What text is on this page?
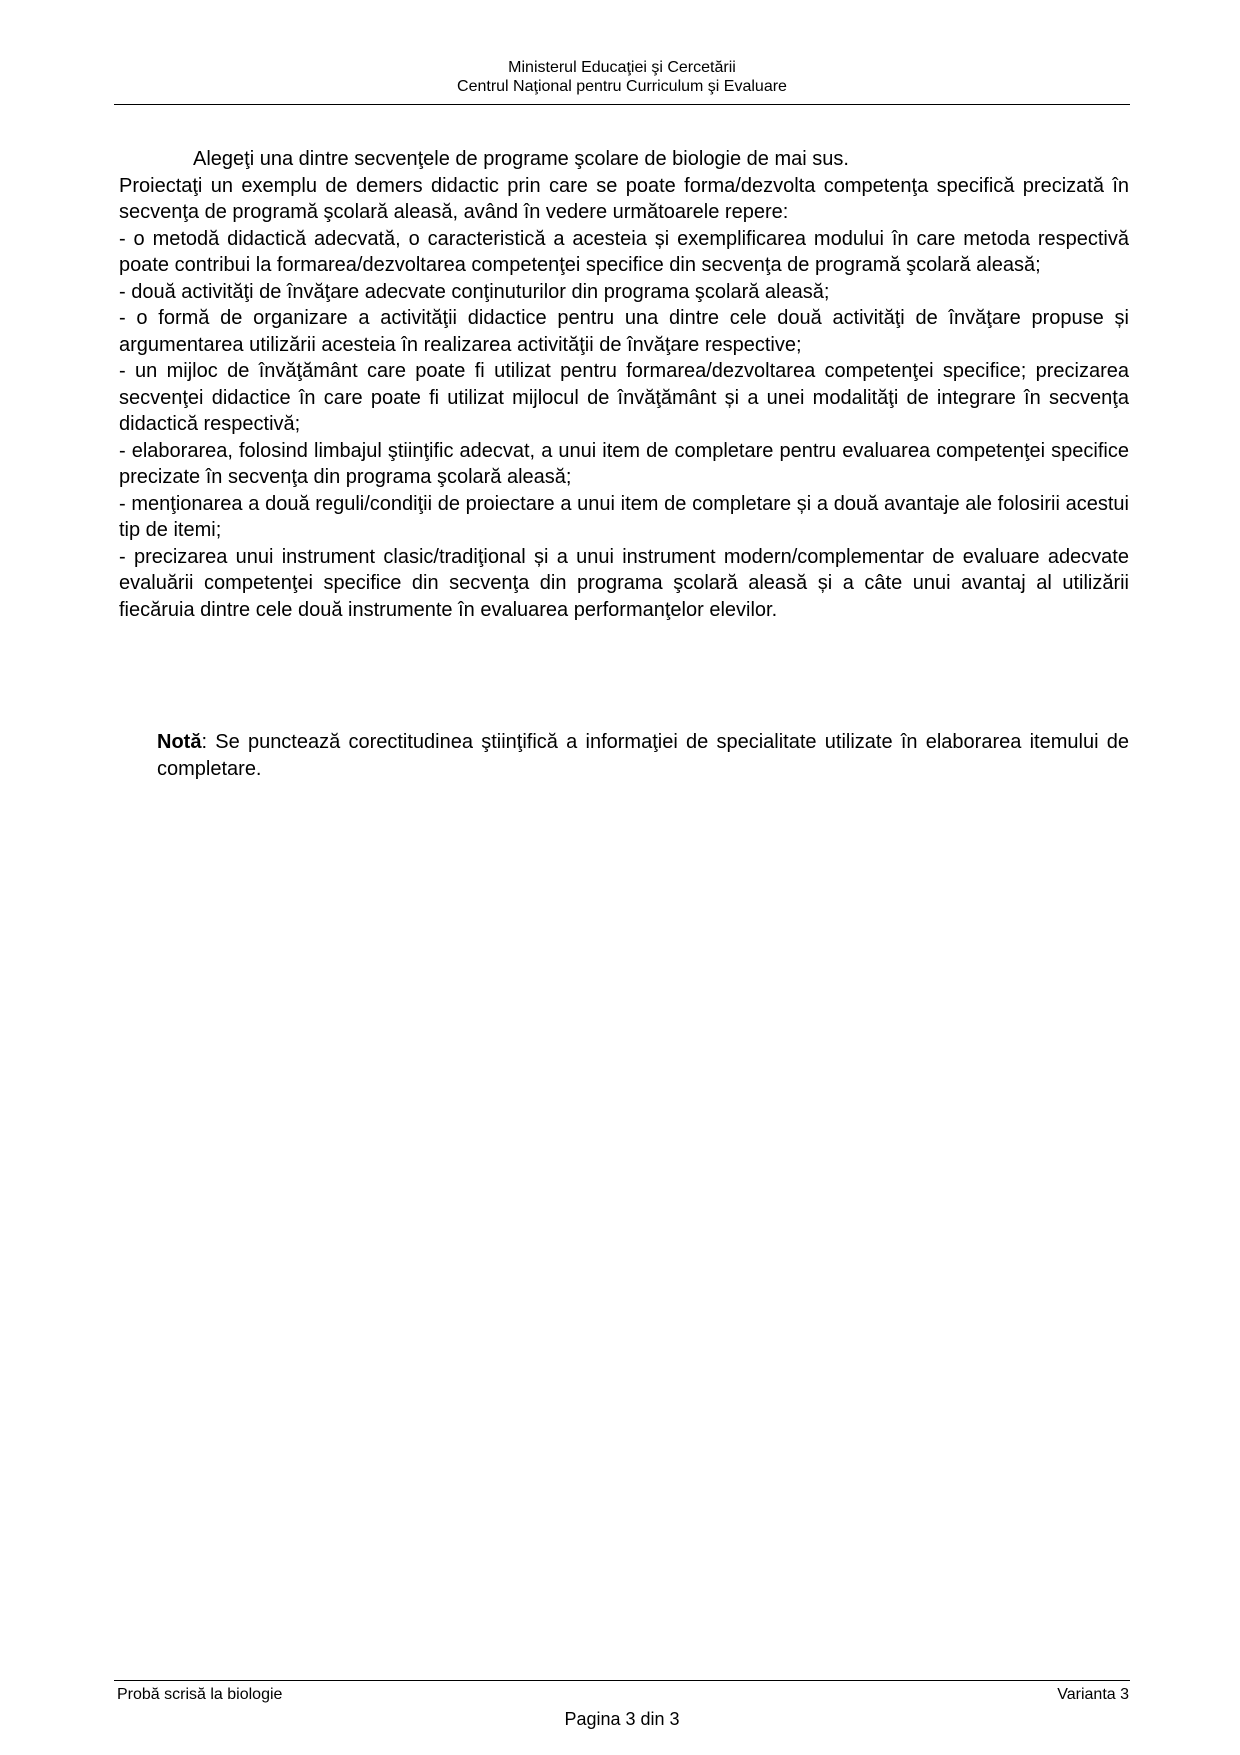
Ministerul Educaţiei şi Cercetării
Centrul Naţional pentru Curriculum şi Evaluare

Alegeţi una dintre secvenţele de programe şcolare de biologie de mai sus.

Proiectaţi un exemplu de demers didactic prin care se poate forma/dezvolta competenţa specifică precizată în secvenţa de programă şcolară aleasă, având în vedere următoarele repere:

- o metodă didactică adecvată, o caracteristică a acesteia și exemplificarea modului în care metoda respectivă poate contribui la formarea/dezvoltarea competenţei specifice din secvenţa de programă şcolară aleasă;

- două activităţi de învăţare adecvate conţinuturilor din programa şcolară aleasă;

- o formă de organizare a activităţii didactice pentru una dintre cele două activităţi de învăţare propuse și argumentarea utilizării acesteia în realizarea activităţii de învăţare respective;

- un mijloc de învăţământ care poate fi utilizat pentru formarea/dezvoltarea competenţei specifice; precizarea secvenţei didactice în care poate fi utilizat mijlocul de învăţământ și a unei modalităţi de integrare în secvenţa didactică respectivă;

- elaborarea, folosind limbajul ştiinţific adecvat, a unui item de completare pentru evaluarea competenţei specifice precizate în secvenţa din programa şcolară aleasă;

- menţionarea a două reguli/condiţii de proiectare a unui item de completare și a două avantaje ale folosirii acestui tip de itemi;

- precizarea unui instrument clasic/tradiţional și a unui instrument modern/complementar de evaluare adecvate evaluării competenţei specifice din secvenţa din programa şcolară aleasă și a câte unui avantaj al utilizării fiecăruia dintre cele două instrumente în evaluarea performanţelor elevilor.

Notă: Se punctează corectitudinea ştiinţifică a informaţiei de specialitate utilizate în elaborarea itemului de completare.

Probă scrisă la biologie	Varianta 3
Pagina 3 din 3
